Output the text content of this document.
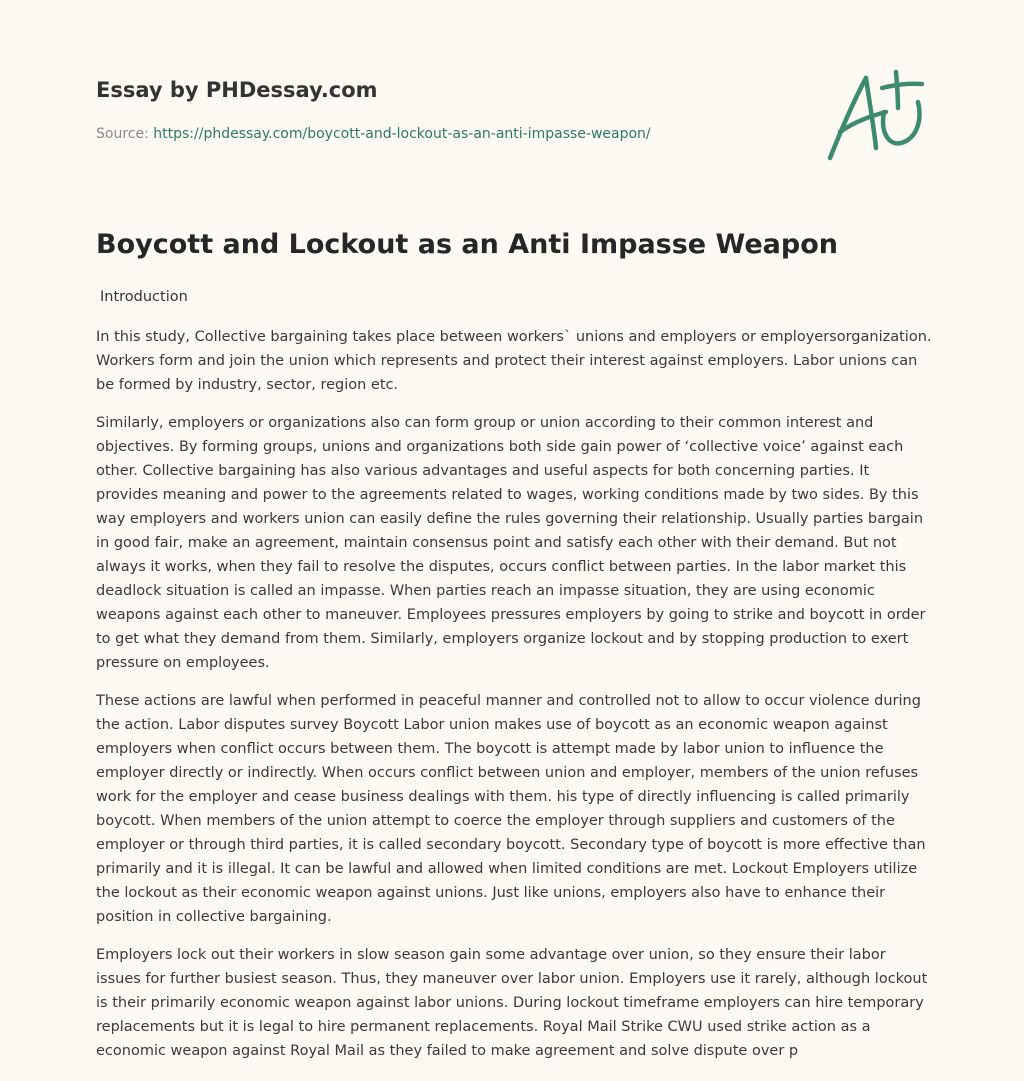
Essay by PHDessay.com
Source: https://phdessay.com/boycott-and-lockout-as-an-anti-impasse-weapon/
Boycott and Lockout as an Anti Impasse Weapon
Introduction

In this study, Collective bargaining takes place between workers` unions and employers or employersorganization. Workers form and join the union which represents and protect their interest against employers. Labor unions can be formed by industry, sector, region etc.

Similarly, employers or organizations also can form group or union according to their common interest and objectives. By forming groups, unions and organizations both side gain power of ‘collective voice’ against each other. Collective bargaining has also various advantages and useful aspects for both concerning parties. It provides meaning and power to the agreements related to wages, working conditions made by two sides. By this way employers and workers union can easily define the rules governing their relationship. Usually parties bargain in good fair, make an agreement, maintain consensus point and satisfy each other with their demand. But not always it works, when they fail to resolve the disputes, occurs conflict between parties. In the labor market this deadlock situation is called an impasse. When parties reach an impasse situation, they are using economic weapons against each other to maneuver. Employees pressures employers by going to strike and boycott in order to get what they demand from them. Similarly, employers organize lockout and by stopping production to exert pressure on employees.

These actions are lawful when performed in peaceful manner and controlled not to allow to occur violence during the action. Labor disputes survey Boycott Labor union makes use of boycott as an economic weapon against employers when conflict occurs between them. The boycott is attempt made by labor union to influence the employer directly or indirectly. When occurs conflict between union and employer, members of the union refuses work for the employer and cease business dealings with them. his type of directly influencing is called primarily boycott. When members of the union attempt to coerce the employer through suppliers and customers of the employer or through third parties, it is called secondary boycott. Secondary type of boycott is more effective than primarily and it is illegal. It can be lawful and allowed when limited conditions are met. Lockout Employers utilize the lockout as their economic weapon against unions. Just like unions, employers also have to enhance their position in collective bargaining.

Employers lock out their workers in slow season gain some advantage over union, so they ensure their labor issues for further busiest season. Thus, they maneuver over labor union. Employers use it rarely, although lockout is their primarily economic weapon against labor unions. During lockout timeframe employers can hire temporary replacements but it is legal to hire permanent replacements. Royal Mail Strike CWU used strike action as a economic weapon against Royal Mail as they failed to make agreement and solve dispute over p
